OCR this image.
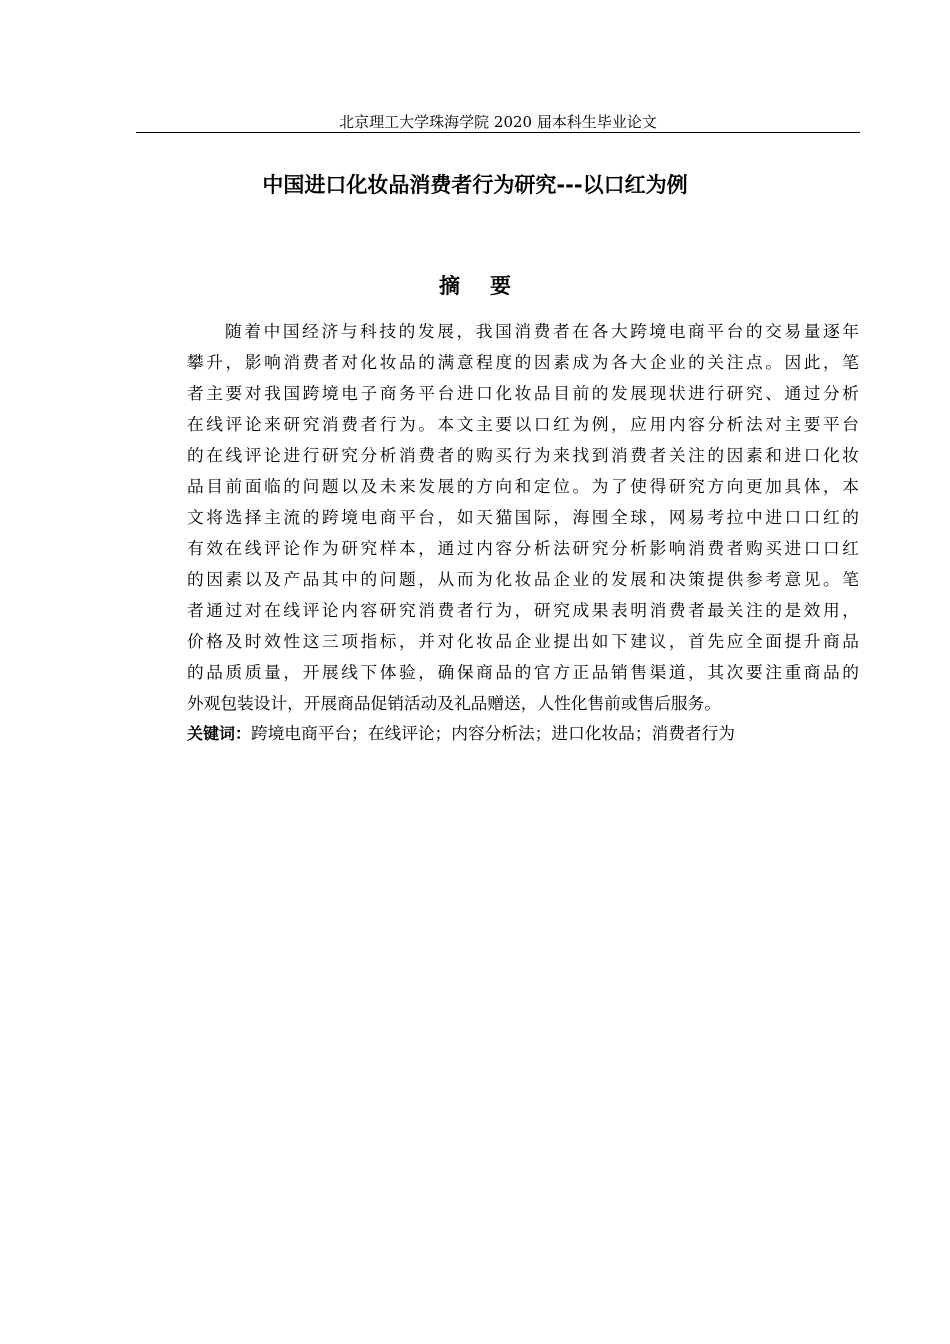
北京理工大学珠海学院 2020 届本科生毕业论文
中国进口化妆品消费者行为研究---以口红为例
摘要
随着中国经济与科技的发展，我国消费者在各大跨境电商平台的交易量逐年
攀升，影响消费者对化妆品的满意程度的因素成为各大企业的关注点。因此，笔
者主要对我国跨境电子商务平台进口化妆品目前的发展现状进行研究、通过分析
在线评论来研究消费者行为。本文主要以口红为例，应用内容分析法对主要平台
的在线评论进行研究分析消费者的购买行为来找到消费者关注的因素和进口化妆
品目前面临的问题以及未来发展的方向和定位。为了使得研究方向更加具体，本
文将选择主流的跨境电商平台，如天猫国际，海囤全球，网易考拉中进口口红的
有效在线评论作为研究样本，通过内容分析法研究分析影响消费者购买进口口红
的因素以及产品其中的问题，从而为化妆品企业的发展和决策提供参考意见。笔
者通过对在线评论内容研究消费者行为，研究成果表明消费者最关注的是效用，
价格及时效性这三项指标，并对化妆品企业提出如下建议，首先应全面提升商品
的品质质量，开展线下体验，确保商品的官方正品销售渠道，其次要注重商品的
外观包装设计，开展商品促销活动及礼品赠送，人性化售前或售后服务。
关键词：跨境电商平台；在线评论；内容分析法；进口化妆品；消费者行为
